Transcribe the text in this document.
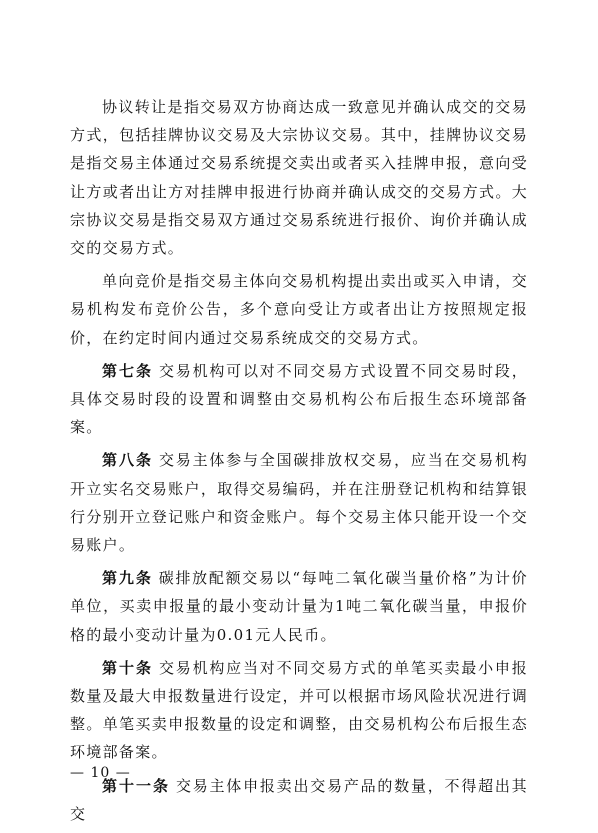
协议转让是指交易双方协商达成一致意见并确认成交的交易方式，包括挂牌协议交易及大宗协议交易。其中，挂牌协议交易是指交易主体通过交易系统提交卖出或者买入挂牌申报，意向受让方或者出让方对挂牌申报进行协商并确认成交的交易方式。大宗协议交易是指交易双方通过交易系统进行报价、询价并确认成交的交易方式。

单向竞价是指交易主体向交易机构提出卖出或买入申请，交易机构发布竞价公告，多个意向受让方或者出让方按照规定报价，在约定时间内通过交易系统成交的交易方式。

第七条 交易机构可以对不同交易方式设置不同交易时段，具体交易时段的设置和调整由交易机构公布后报生态环境部备案。

第八条 交易主体参与全国碳排放权交易，应当在交易机构开立实名交易账户，取得交易编码，并在注册登记机构和结算银行分别开立登记账户和资金账户。每个交易主体只能开设一个交易账户。

第九条 碳排放配额交易以“每吨二氧化碳当量价格”为计价单位，买卖申报量的最小变动计量为1吨二氧化碳当量，申报价格的最小变动计量为0.01元人民币。

第十条 交易机构应当对不同交易方式的单笔买卖最小申报数量及最大申报数量进行设定，并可以根据市场风险状况进行调整。单笔买卖申报数量的设定和调整，由交易机构公布后报生态环境部备案。

第十一条 交易主体申报卖出交易产品的数量，不得超出其交

— 10 —
